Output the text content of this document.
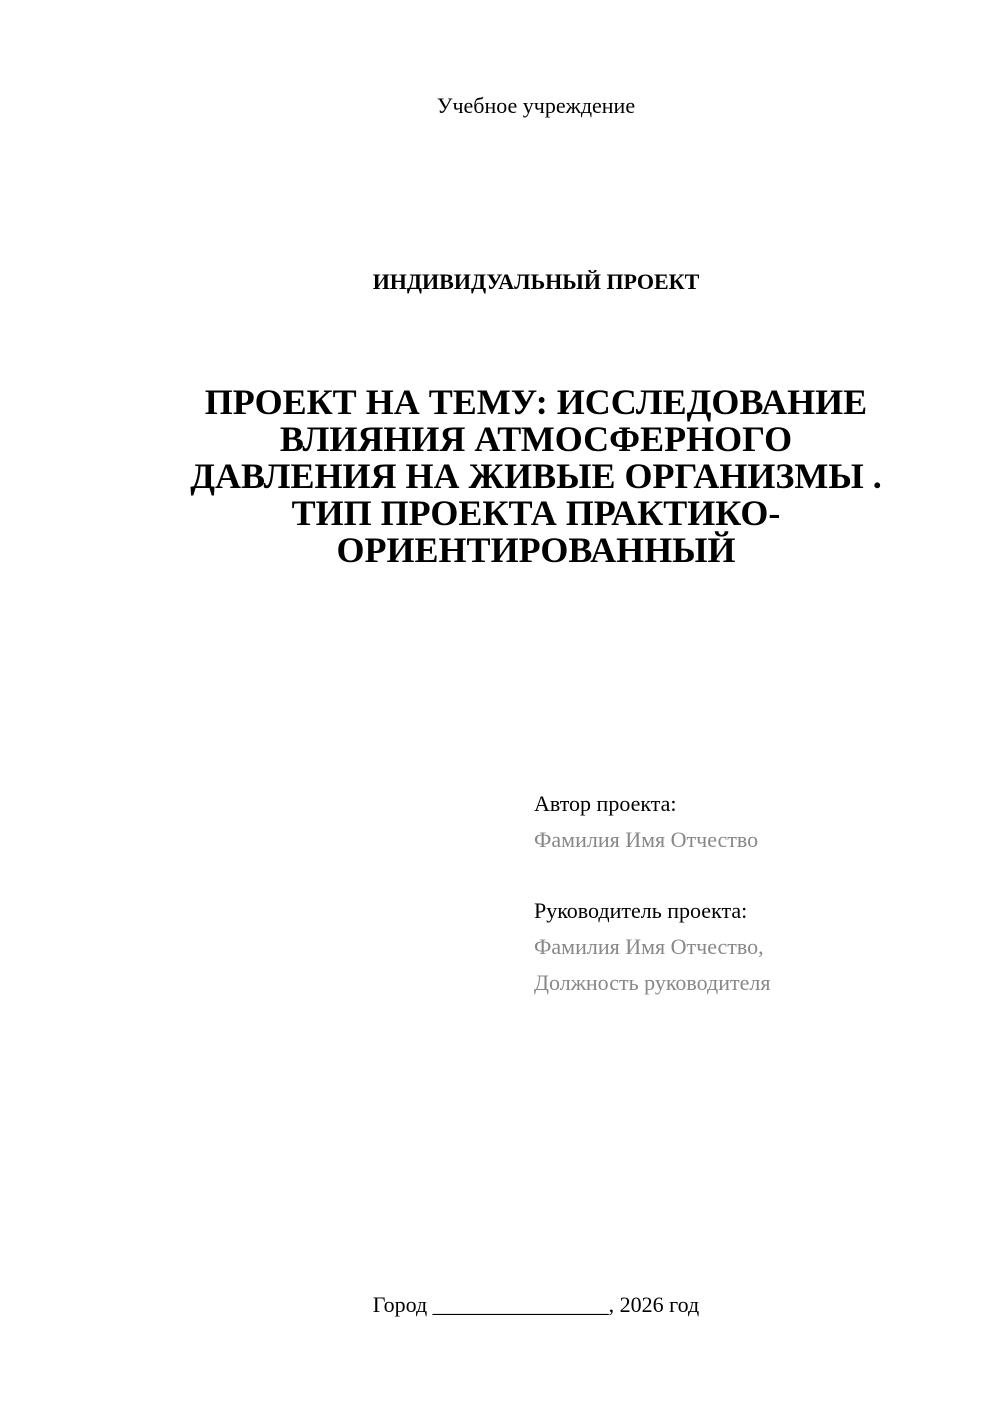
Учебное учреждение
ИНДИВИДУАЛЬНЫЙ ПРОЕКТ
ПРОЕКТ НА ТЕМУ: ИССЛЕДОВАНИЕ
ВЛИЯНИЯ АТМОСФЕРНОГО
ДАВЛЕНИЯ НА ЖИВЫЕ ОРГАНИЗМЫ .
ТИП ПРОЕКТА ПРАКТИКО-
ОРИЕНТИРОВАННЫЙ
Автор проекта:
Фамилия Имя Отчество
Руководитель проекта:
Фамилия Имя Отчество,
Должность руководителя
Город ________________, 2026 год
